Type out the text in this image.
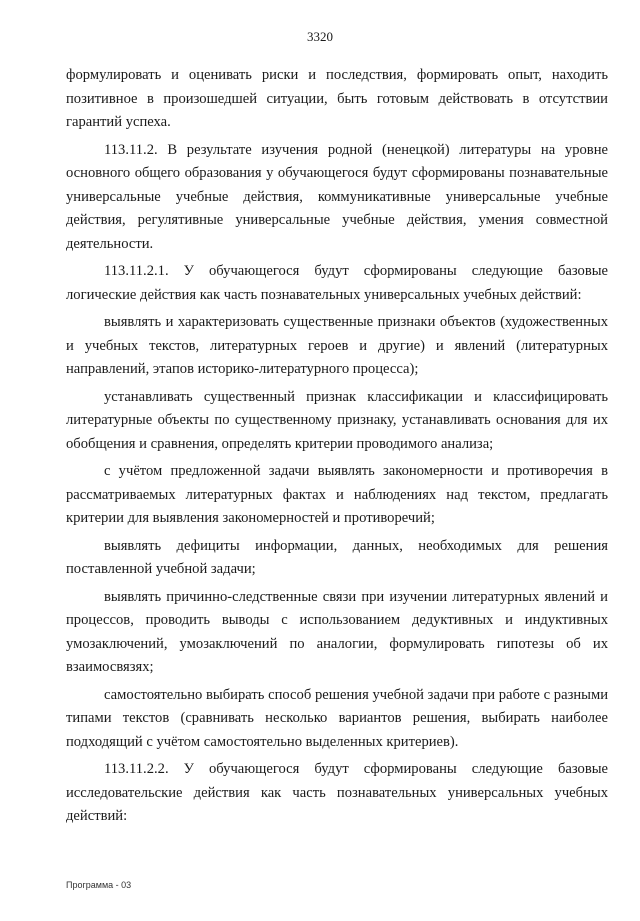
3320

формулировать и оценивать риски и последствия, формировать опыт, находить позитивное в произошедшей ситуации, быть готовым действовать в отсутствии гарантий успеха.

113.11.2. В результате изучения родной (ненецкой) литературы на уровне основного общего образования у обучающегося будут сформированы познавательные универсальные учебные действия, коммуникативные универсальные учебные действия, регулятивные универсальные учебные действия, умения совместной деятельности.

113.11.2.1. У обучающегося будут сформированы следующие базовые логические действия как часть познавательных универсальных учебных действий:

выявлять и характеризовать существенные признаки объектов (художественных и учебных текстов, литературных героев и другие) и явлений (литературных направлений, этапов историко-литературного процесса);

устанавливать существенный признак классификации и классифицировать литературные объекты по существенному признаку, устанавливать основания для их обобщения и сравнения, определять критерии проводимого анализа;

с учётом предложенной задачи выявлять закономерности и противоречия в рассматриваемых литературных фактах и наблюдениях над текстом, предлагать критерии для выявления закономерностей и противоречий;

выявлять дефициты информации, данных, необходимых для решения поставленной учебной задачи;

выявлять причинно-следственные связи при изучении литературных явлений и процессов, проводить выводы с использованием дедуктивных и индуктивных умозаключений, умозаключений по аналогии, формулировать гипотезы об их взаимосвязях;

самостоятельно выбирать способ решения учебной задачи при работе с разными типами текстов (сравнивать несколько вариантов решения, выбирать наиболее подходящий с учётом самостоятельно выделенных критериев).

113.11.2.2. У обучающегося будут сформированы следующие базовые исследовательские действия как часть познавательных универсальных учебных действий:

Программа - 03
